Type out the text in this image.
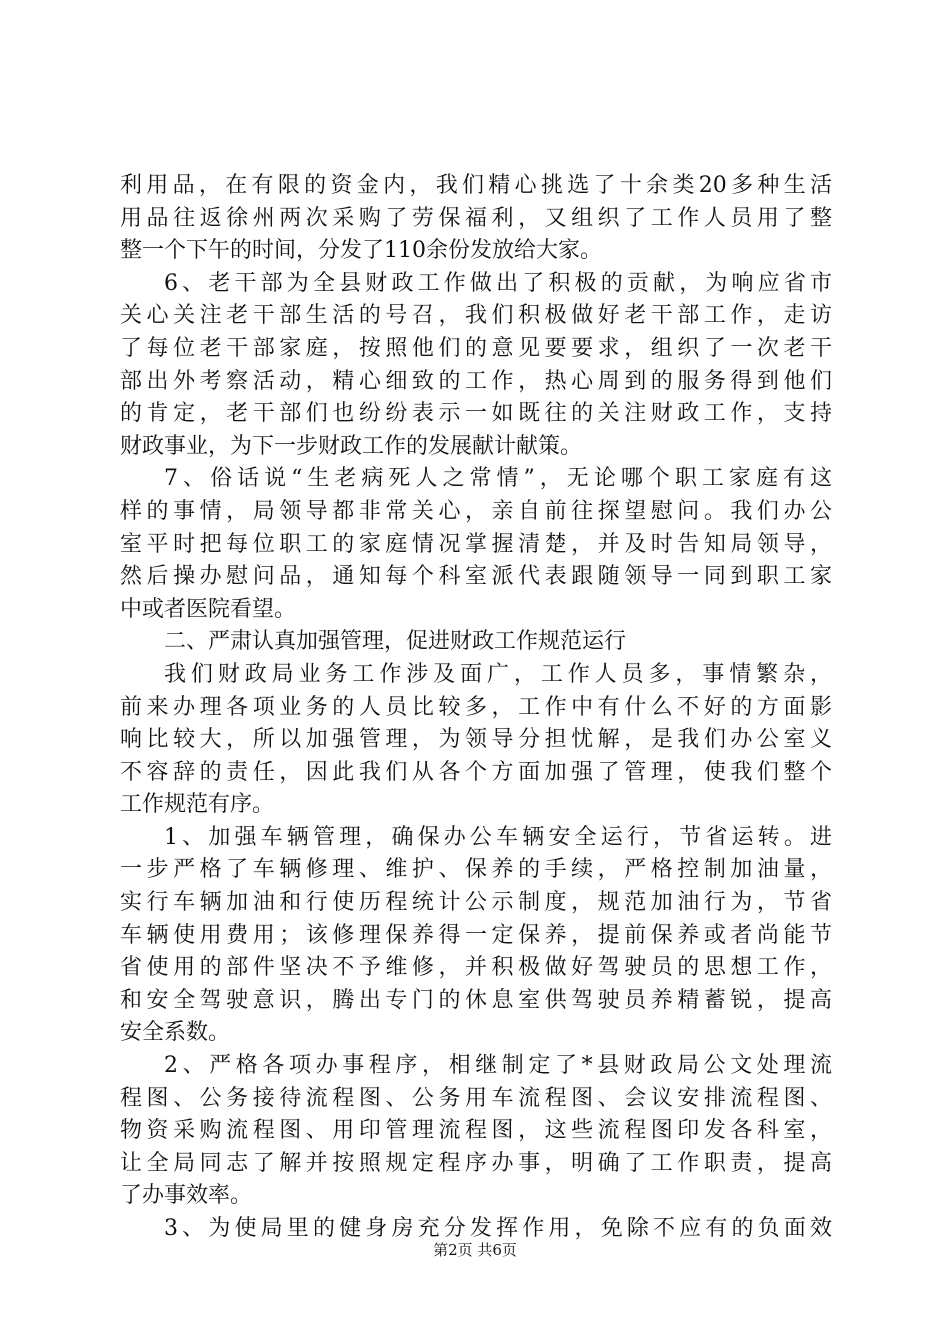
利用品，在有限的资金内，我们精心挑选了十余类20多种生活
用品往返徐州两次采购了劳保福利，又组织了工作人员用了整
整一个下午的时间，分发了110余份发放给大家。
6、老干部为全县财政工作做出了积极的贡献，为响应省市
关心关注老干部生活的号召，我们积极做好老干部工作，走访
了每位老干部家庭，按照他们的意见要要求，组织了一次老干
部出外考察活动，精心细致的工作，热心周到的服务得到他们
的肯定，老干部们也纷纷表示一如既往的关注财政工作，支持
财政事业，为下一步财政工作的发展献计献策。
7、俗话说“生老病死人之常情”，无论哪个职工家庭有这
样的事情，局领导都非常关心，亲自前往探望慰问。我们办公
室平时把每位职工的家庭情况掌握清楚，并及时告知局领导，
然后操办慰问品，通知每个科室派代表跟随领导一同到职工家
中或者医院看望。
二、严肃认真加强管理，促进财政工作规范运行
我们财政局业务工作涉及面广，工作人员多，事情繁杂，
前来办理各项业务的人员比较多，工作中有什么不好的方面影
响比较大，所以加强管理，为领导分担忧解，是我们办公室义
不容辞的责任，因此我们从各个方面加强了管理，使我们整个
工作规范有序。
1、加强车辆管理，确保办公车辆安全运行，节省运转。进
一步严格了车辆修理、维护、保养的手续，严格控制加油量，
实行车辆加油和行使历程统计公示制度，规范加油行为，节省
车辆使用费用；该修理保养得一定保养，提前保养或者尚能节
省使用的部件坚决不予维修，并积极做好驾驶员的思想工作，
和安全驾驶意识，腾出专门的休息室供驾驶员养精蓄锐，提高
安全系数。
2、严格各项办事程序，相继制定了*县财政局公文处理流
程图、公务接待流程图、公务用车流程图、会议安排流程图、
物资采购流程图、用印管理流程图，这些流程图印发各科室，
让全局同志了解并按照规定程序办事，明确了工作职责，提高
了办事效率。
3、为使局里的健身房充分发挥作用，免除不应有的负面效
第2页 共6页
